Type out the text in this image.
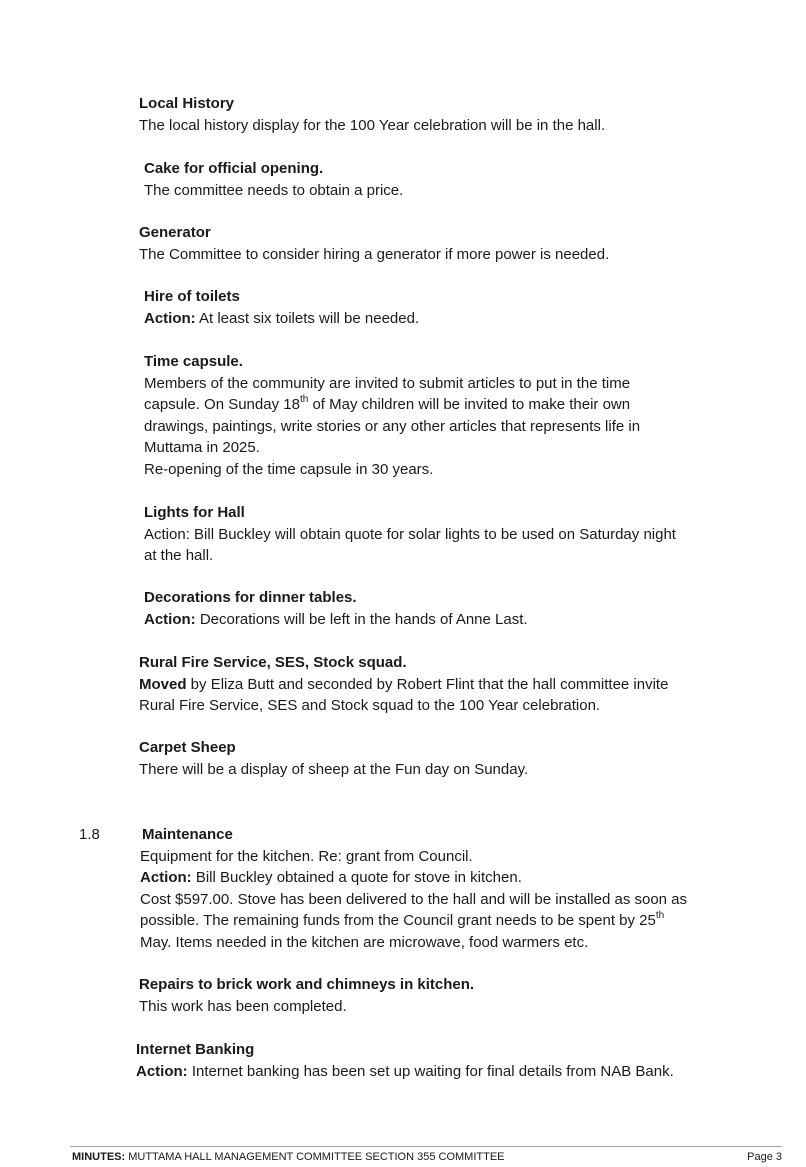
Local History
The local history display for the 100 Year celebration will be in the hall.
Cake for official opening.
The committee needs to obtain a price.
Generator
The Committee to consider hiring a generator if more power is needed.
Hire of toilets
Action: At least six toilets will be needed.
Time capsule.
Members of the community are invited to submit articles to put in the time
capsule. On Sunday 18th of May children will be invited to make their own
drawings, paintings, write stories or any other articles that represents life in
Muttama in 2025.
Re-opening of the time capsule in 30 years.
Lights for Hall
Action: Bill Buckley will obtain quote for solar lights to be used on Saturday night
at the hall.
Decorations for dinner tables.
Action: Decorations will be left in the hands of Anne Last.
Rural Fire Service, SES, Stock squad.
Moved by Eliza Butt and seconded by Robert Flint that the hall committee invite
Rural Fire Service, SES and Stock squad to the 100 Year celebration.
Carpet Sheep
There will be a display of sheep at the Fun day on Sunday.
1.8	Maintenance
Equipment for the kitchen. Re: grant from Council.
Action: Bill Buckley obtained a quote for stove in kitchen.
Cost $597.00. Stove has been delivered to the hall and will be installed as soon as
possible. The remaining funds from the Council grant needs to be spent by 25th
May. Items needed in the kitchen are microwave, food warmers etc.
Repairs to brick work and chimneys in kitchen.
This work has been completed.
Internet Banking
Action: Internet banking has been set up waiting for final details from NAB Bank.
MINUTES: MUTTAMA HALL MANAGEMENT COMMITTEE SECTION 355 COMMITTEE	Page 3
